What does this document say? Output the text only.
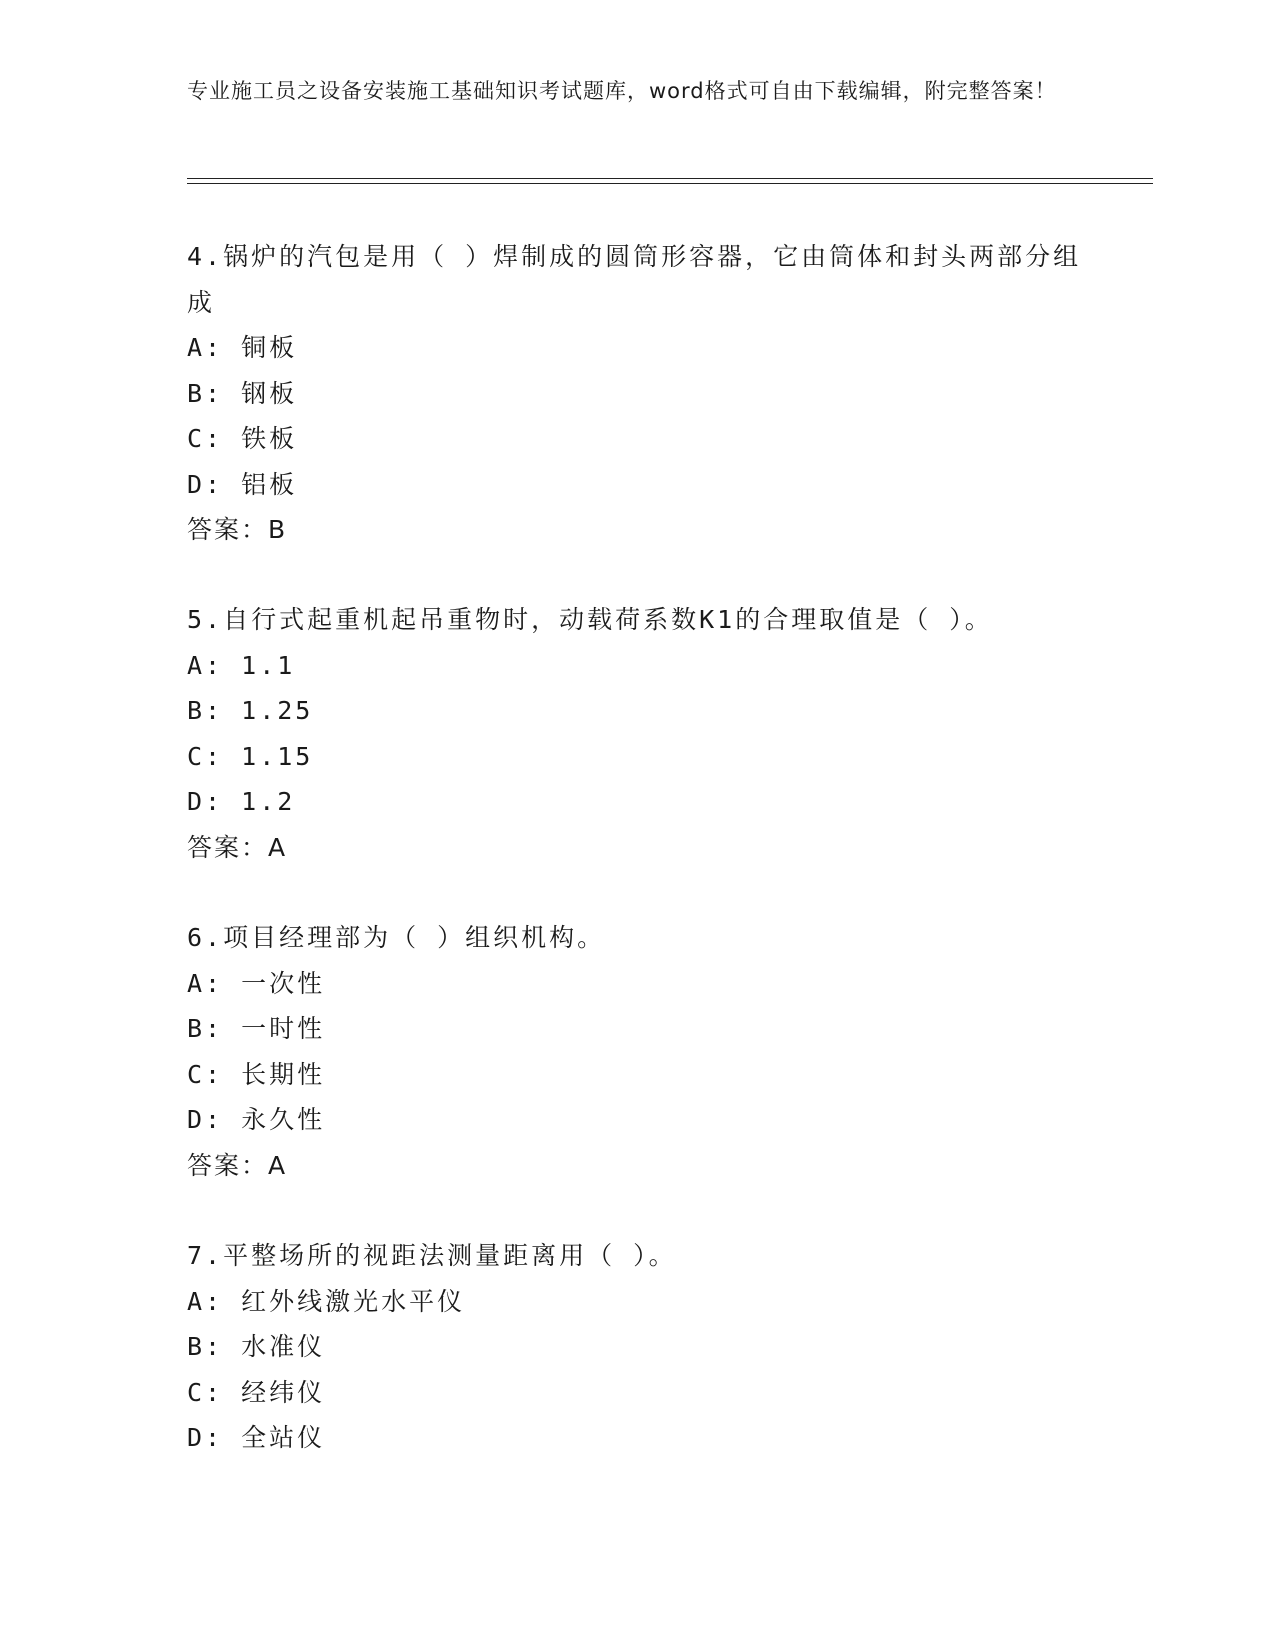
专业施工员之设备安装施工基础知识考试题库，word格式可自由下载编辑，附完整答案！

4.锅炉的汽包是用（ ）焊制成的圆筒形容器，它由筒体和封头两部分组成

A: 铜板

B: 钢板

C: 铁板

D: 铝板

答案：B

5.自行式起重机起吊重物时，动载荷系数K1的合理取值是（ ）。

A: 1.1

B: 1.25

C: 1.15

D: 1.2

答案：A

6.项目经理部为（ ）组织机构。

A: 一次性

B: 一时性

C: 长期性

D: 永久性

答案：A

7.平整场所的视距法测量距离用（ ）。

A: 红外线激光水平仪

B: 水准仪

C: 经纬仪

D: 全站仪
